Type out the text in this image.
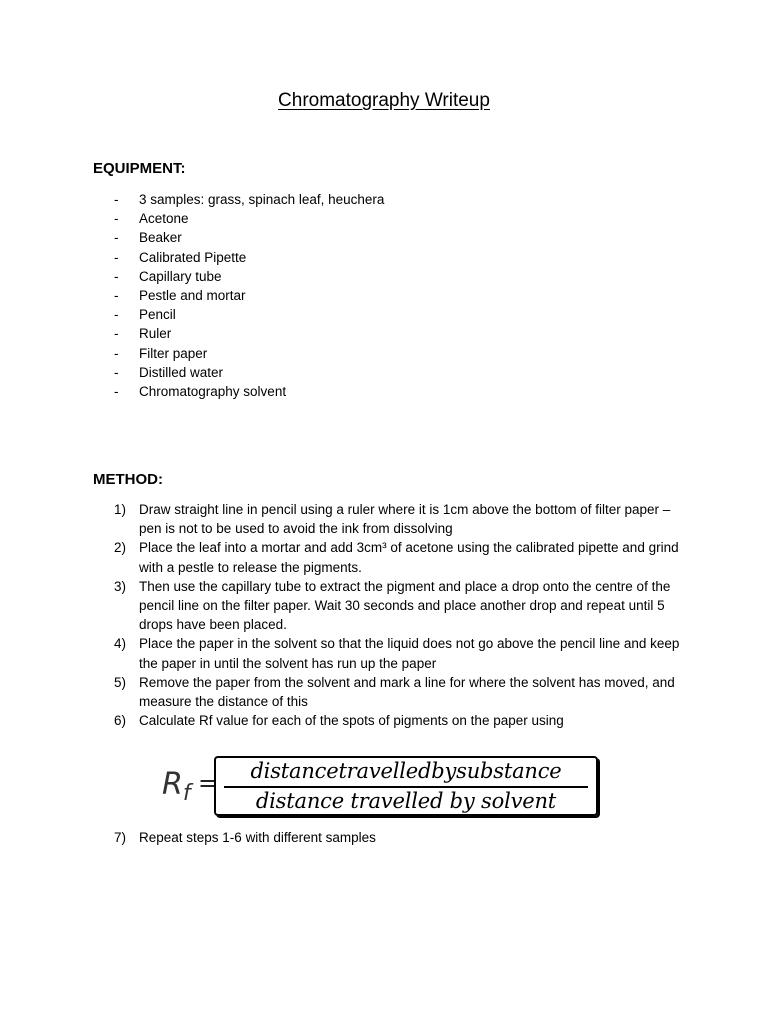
Chromatography Writeup
EQUIPMENT:
- 3 samples: grass, spinach leaf, heuchera
- Acetone
- Beaker
- Calibrated Pipette
- Capillary tube
- Pestle and mortar
- Pencil
- Ruler
- Filter paper
- Distilled water
- Chromatography solvent
METHOD:
1) Draw straight line in pencil using a ruler where it is 1cm above the bottom of filter paper – pen is not to be used to avoid the ink from dissolving
2) Place the leaf into a mortar and add 3cm³ of acetone using the calibrated pipette and grind with a pestle to release the pigments.
3) Then use the capillary tube to extract the pigment and place a drop onto the centre of the pencil line on the filter paper. Wait 30 seconds and place another drop and repeat until 5 drops have been placed.
4) Place the paper in the solvent so that the liquid does not go above the pencil line and keep the paper in until the solvent has run up the paper
5) Remove the paper from the solvent and mark a line for where the solvent has moved, and measure the distance of this
6) Calculate Rf value for each of the spots of pigments on the paper using
$R_f$ =	distancetravelledbysubstance
distance travelled by solvent
7) Repeat steps 1-6 with different samples
